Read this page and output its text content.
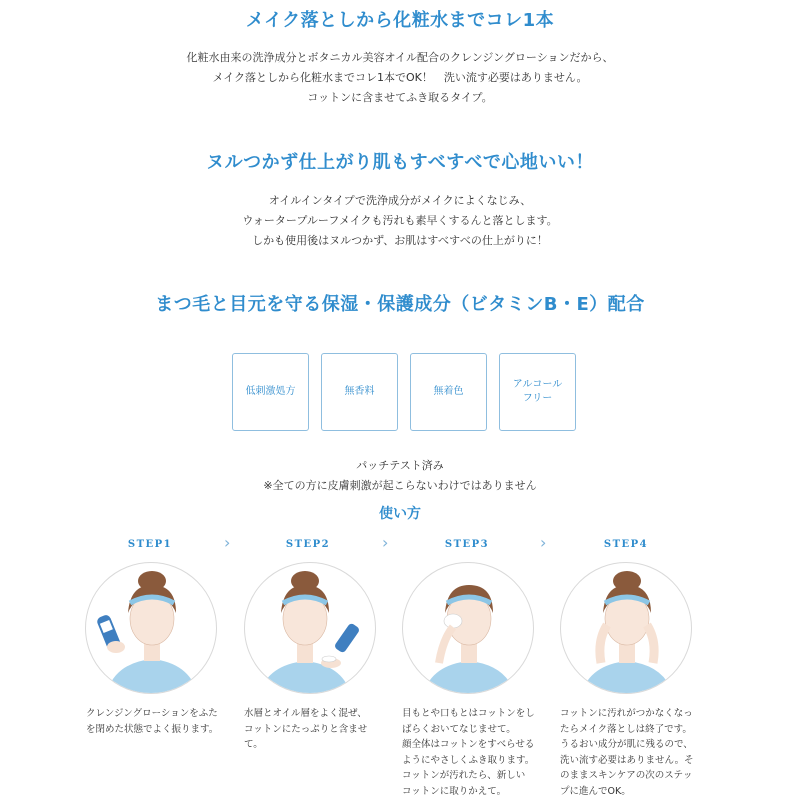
メイク落としから化粧水までコレ1本
化粧水由来の洗浄成分とボタニカル美容オイル配合のクレンジングローションだから、
メイク落としから化粧水までコレ1本でOK！　洗い流す必要はありません。
コットンに含ませてふき取るタイプ。
ヌルつかず仕上がり肌もすべすべで心地いい！
オイルインタイプで洗浄成分がメイクによくなじみ、
ウォータープルーフメイクも汚れも素早くするんと落とします。
しかも使用後はヌルつかず、お肌はすべすべの仕上がりに！
まつ毛と目元を守る保湿・保護成分（ビタミンB・E）配合
低刺激処方	無香料	無着色
アルコール
フリー
パッチテスト済み
※全ての方に皮膚刺激が起こらないわけではありません
使い方
STEP1	STEP2	STEP3	STEP4
›	›	›
クレンジングローションをふた
を閉めた状態でよく振ります。
水層とオイル層をよく混ぜ、
コットンにたっぷりと含ませ
て。
目もとや口もとはコットンをし
ばらくおいてなじませて。
顔全体はコットンをすべらせる
ようにやさしくふき取ります。
コットンが汚れたら、新しい
コットンに取りかえて。
コットンに汚れがつかなくなっ
たらメイク落としは終了です。
うるおい成分が肌に残るので、
洗い流す必要はありません。そ
のままスキンケアの次のステッ
プに進んでOK。
